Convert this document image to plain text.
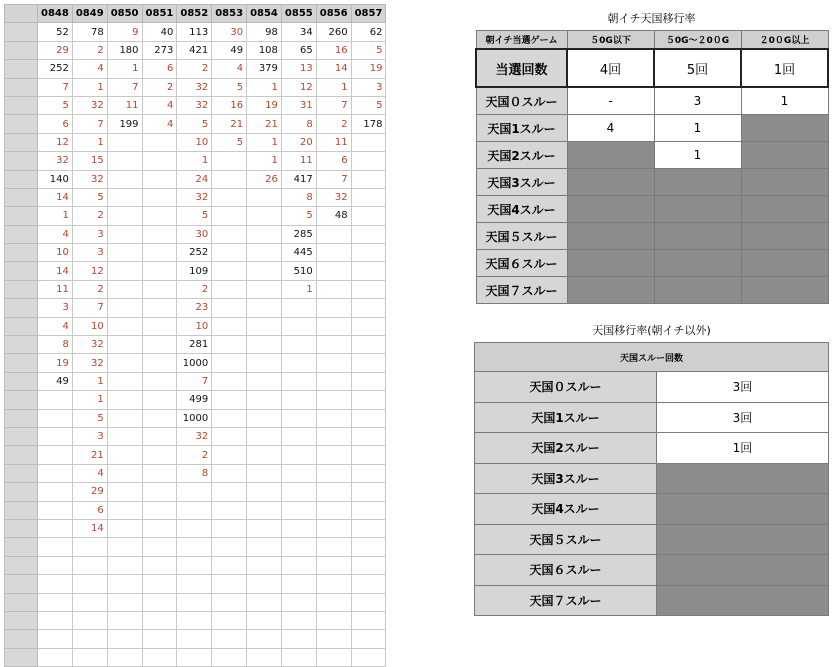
	0848	0849	0850	0851	0852	0853	0854	0855	0856	0857
	52	78	9	40	113	30	98	34	260	62
	29	2	180	273	421	49	108	65	16	5
	252	4	1	6	2	4	379	13	14	19
	7	1	7	2	32	5	1	12	1	3
	5	32	11	4	32	16	19	31	7	5
	6	7	199	4	5	21	21	8	2	178
	12	1			10	5	1	20	11	
	32	15			1		1	11	6	
	140	32			24		26	417	7	
	14	5			32			8	32	
	1	2			5			5	48	
	4	3			30			285		
	10	3			252			445		
	14	12			109			510		
	11	2			2			1		
	3	7			23					
	4	10			10					
	8	32			281					
	19	32			1000					
	49	1			7					
		1			499					
		5			1000					
		3			32					
		21			2					
		4			8					
		29								
		6								
		14								

朝イチ天国移行率
朝イチ当選ゲーム	５0G以下	５0G〜２0０G	２0０G以上
当選回数	4回	5回	1回
天国０スルー	-	3	1
天国1スルー	4	1	
天国2スルー		1	
天国3スルー			
天国4スルー			
天国５スルー			
天国６スルー			
天国７スルー			
天国移行率(朝イチ以外)
天国スルー回数	
天国０スルー	3回
天国1スルー	3回
天国2スルー	1回
天国3スルー	
天国4スルー	
天国５スルー	
天国６スルー	
天国７スルー	
